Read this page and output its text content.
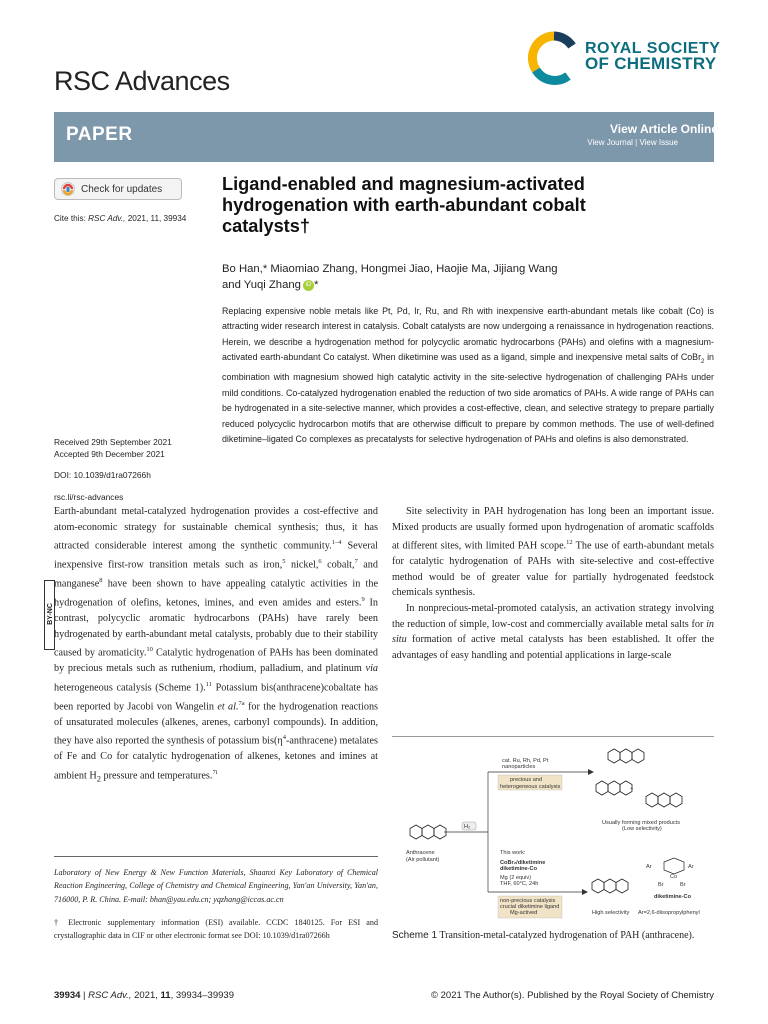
RSC Advances
ROYAL SOCIETY
OF CHEMISTRY
PAPER	View Article Online
View Journal | View Issue
Check for updates
Cite this: RSC Adv., 2021, 11, 39934
Received 29th September 2021
Accepted 9th December 2021
DOI: 10.1039/d1ra07266h
rsc.li/rsc-advances
Ligand-enabled and magnesium-activated hydrogenation with earth-abundant cobalt catalysts†
Bo Han,* Miaomiao Zhang, Hongmei Jiao, Haojie Ma, Jijiang Wang
and Yuqi Zhang iD *
Replacing expensive noble metals like Pt, Pd, Ir, Ru, and Rh with inexpensive earth-abundant metals like cobalt (Co) is attracting wider research interest in catalysis. Cobalt catalysts are now undergoing a renaissance in hydrogenation reactions. Herein, we describe a hydrogenation method for polycyclic aromatic hydrocarbons (PAHs) and olefins with a magnesium-activated earth-abundant Co catalyst. When diketimine was used as a ligand, simple and inexpensive metal salts of CoBr$_2$ in combination with magnesium showed high catalytic activity in the site-selective hydrogenation of challenging PAHs under mild conditions. Co-catalyzed hydrogenation enabled the reduction of two side aromatics of PAHs. A wide range of PAHs can be hydrogenated in a site-selective manner, which provides a cost-effective, clean, and selective strategy to prepare partially reduced polycyclic hydrocarbon motifs that are otherwise difficult to prepare by common methods. The use of well-defined diketimine–ligated Co complexes as precatalysts for selective hydrogenation of PAHs and olefins is also demonstrated.
BY-NC

Earth-abundant metal-catalyzed hydrogenation provides a cost-effective and atom-economic strategy for sustainable chemical synthesis; thus, it has attracted considerable interest among the synthetic community.$^{1-4}$ Several inexpensive first-row transition metals such as iron,$^5$ nickel,$^6$ cobalt,$^7$ and manganese$^8$ have been shown to have appealing catalytic activities in the hydrogenation of olefins, ketones, imines, and even amides and esters.$^9$ In contrast, polycyclic aromatic hydrocarbons (PAHs) have rarely been hydrogenated by earth-abundant metal catalysts, probably due to their stability caused by aromaticity.$^{10}$ Catalytic hydrogenation of PAHs has been dominated by precious metals such as ruthenium, rhodium, palladium, and platinum via heterogeneous catalysis (Scheme 1).$^{11}$ Potassium bis(anthracene)cobaltate has been reported by Jacobi von Wangelin et al.$^{7a}$ for the hydrogenation reactions of unsaturated molecules (alkenes, arenes, carbonyl compounds). In addition, they have also reported the synthesis of potassium $bis(\eta^4-anthracene)$ metalates of Fe and Co for catalytic hydrogenation of alkenes, ketones and imines at ambient $H_2$ pressure and temperatures.$^{7i}$

Laboratory of New Energy & New Function Materials, Shaanxi Key Laboratory of Chemical Reaction Engineering, College of Chemistry and Chemical Engineering, Yan'an University, Yan'an, 716000, P. R. China. E-mail: bhan@yau.edu.cn; yqzhang@iccas.ac.cn
† Electronic supplementary information (ESI) available. CCDC 1840125. For ESI and crystallographic data in CIF or other electronic format see DOI: 10.1039/d1ra07266h

Site selectivity in PAH hydrogenation has long been an important issue. Mixed products are usually formed upon hydrogenation of aromatic scaffolds at different sites, with limited PAH scope.$^{12}$ The use of earth-abundant metals for catalytic hydrogenation of PAHs with site-selective and cost-effective method would be of greater value for partially hydrogenated feedstock chemicals synthesis.

In nonprecious-metal-promoted catalysis, an activation strategy involving the reduction of simple, low-cost and commercially available metal salts for in situ formation of active metal catalysts has been established. It offer the advantages of easy handling and potential applications in large-scale

Anthracene
(Air pollutant)
H₂
cat. Ru, Rh, Pd, Pt
nanoparticles
precious and
heterogeneous catalysis	+
Usually forming mixed products
(Low selectivity)
This work:
CoBr₂/diketimine
diketimine-Co
Mg (2 equiv)
THF, 60°C, 24h
non-precious catalysis
crucial diketimine ligand
Mg-actived	High selectivity
Ar	Ar
Co
Br	Br
diketimine-Co
Ar=2,6-diisopropylphenyl
Scheme 1 Transition-metal-catalyzed hydrogenation of PAH (anthracene).
39934 | RSC Adv., 2021, 11, 39934–39939	© 2021 The Author(s). Published by the Royal Society of Chemistry
